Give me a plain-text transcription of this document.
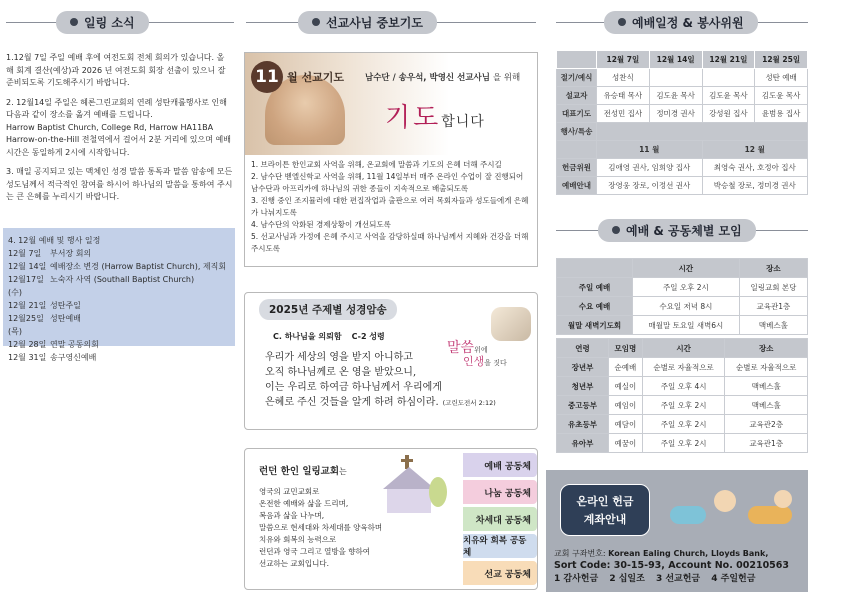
일링 소식	선교사님 중보기도	예배일정 & 봉사위원
예배 & 공동체별 모임

1.12월 7일 주일 예배 후에 여전도회 전체 회의가 있습니다. 올 해 회계 결산(예상)과 2026 년 여전도회 회장 선출이 있으니 잘 준비되도록 기도해주시기 바랍니다.

2. 12월14일 주일은 헤론그린교회의 연례 성탄캐롤행사로 인해 다음과 같이 장소를 옮겨 예배를 드립니다.

Harrow Baptist Church, College Rd, Harrow HA11BA Harrow-on-the-Hill 전철역에서 걸어서 2분 거리에 있으며 예배시간은 동일하게 2시에 시작합니다.

3. 매일 공지되고 있는 맥체인 성경 말씀 통독과 말씀 암송에 모든 성도님께서 적극적인 참여를 하시어 하나님의 말씀을 통하여 주시는 큰 은혜를 누리시기 바랍니다.

4. 12월 예배 및 행사 일정
12월 7일	부서장 회의
12월 14일 예배장소 변경 (Harrow Baptist Church), 제직회
12월17일(수)
노숙자 사역 (Southall Baptist Church)
12월 21일 성탄주일
12월25일(목)
성탄예배
12월 28일 연말 공동의회
12월 31일 송구영신예배
11 월 선교기도 남수단 / 송우석, 박영신 선교사님 을 위해
기도합니다
1. 브라이튼 한인교회 사역을 위해, 온교회에 말씀과 기도의 은혜 더해 주시길
2. 남수단 벧엘신학교 사역을 위해, 11월 14일부터 매주 온라인 수업이 잘 진행되어 남수단과 아프리카에 하나님의 귀한 종들이 지속적으로 배출되도록
3. 진행 중인 조지뮬러에 대한 편집작업과 출판으로 여러 목회자들과 성도들에게 은혜가 나눠지도록
4. 남수단의 악화된 경제상황이 개선되도록
5. 선교사님과 가정에 은혜 주시고 사역을 감당하실때 하나님께서 지혜와 건강을 더해 주시도록
2025년 주제별 성경암송
말씀위에
인생을 짓다
C. 하나님을 의뢰함 C-2 성령
우리가 세상의 영을 받지 아니하고
오직 하나님께로 온 영을 받았으니,
이는 우리로 하여금 하나님께서 우리에게
은혜로 주신 것들을 알게 하려 하심이라. (고린도전서 2:12)
런던 한인 일링교회는
영국의 교민교회로
온전한 예배와 삶을 드리며,
복음과 삶을 나누며,
말씀으로 현세대와 차세대를 양육하며
치유와 회복의 능력으로
런던과 영국 그리고 열방을 향하여
선교하는 교회입니다.
예배 공동체
나눔 공동체
차세대 공동체
치유와 회복 공동체
선교 공동체
	12월 7일	12월 14일	12월 21일	12월 25일
절기/예식	성찬식			성탄 예배
설교자	유승태 목사	김도윤 목사	김도윤 목사	김도윤 목사
대표기도	전성민 집사	정미경 권사	강성원 집사	윤범용 집사
행사/특송				
	11 월		12 월	
헌금위원	김애영 권사, 임희양 집사		최영숙 권사, 호정아 집사	
예배안내	장영웅 장로, 이정선 권사		박승철 장로, 정미경 권사	
	시간	장소
주일 예배	주일 오후 2시	일링교회 본당
수요 예배	수요일 저녁 8시	교육관1층
월말 새벽기도회	매월말 토요일 새벽6시	맥베스홀
연령	모임명	시간	장소
장년부	순예배	순별로 자율적으로	순별로 자율적으로
청년부	예실이	주일 오후 4시	맥베스홀
중고등부	예임이	주일 오후 2시	맥베스홀
유초등부	예담이	주일 오후 2시	교육관2층
유아부	예꿈이	주일 오후 2시	교육관1층
온라인 헌금
계좌안내
교회 구좌번호: Korean Ealing Church, Lloyds Bank,
Sort Code: 30-15-93, Account No. 00210563
1 감사헌금 2 십일조 3 선교헌금 4 주일헌금
